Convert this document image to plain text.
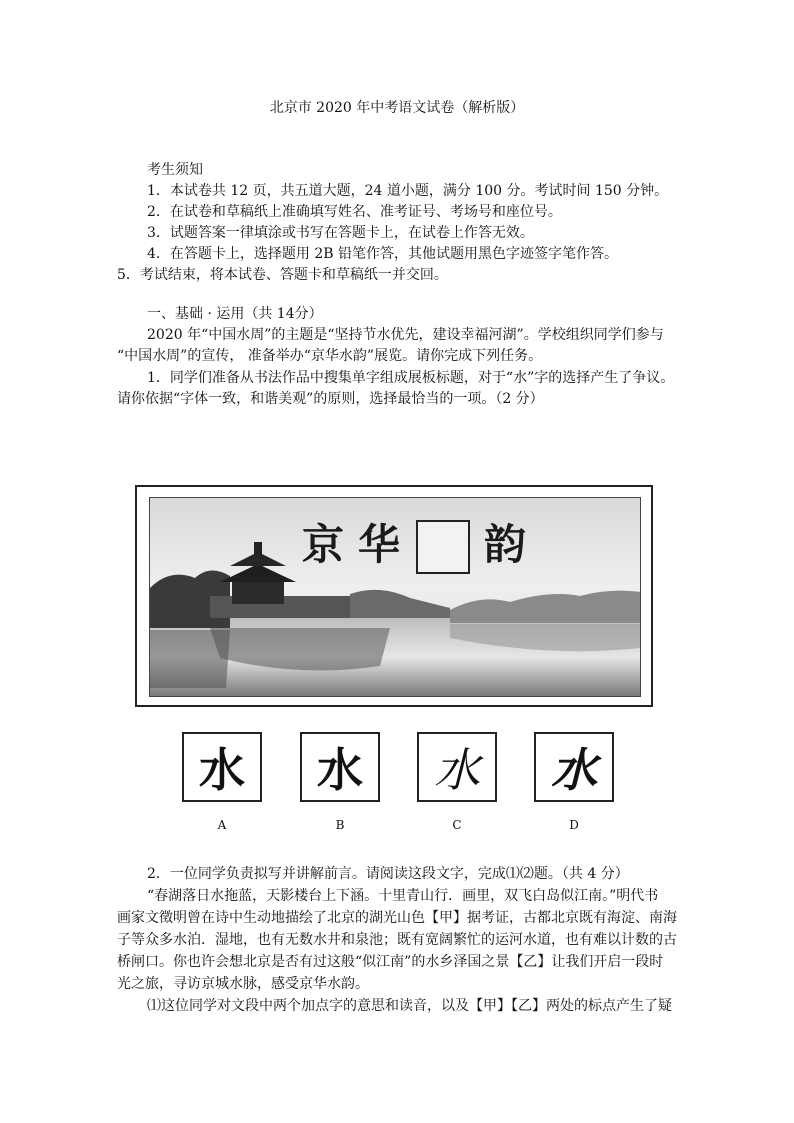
北京市 2020 年中考语文试卷（解析版）
考生须知
1．本试卷共 12 页，共五道大题，24 道小题，满分 100 分。考试时间 150 分钟。
2．在试卷和草稿纸上准确填写姓名、准考证号、考场号和座位号。
3．试题答案一律填涂或书写在答题卡上，在试卷上作答无效。
4．在答题卡上，选择题用 2B 铅笔作答，其他试题用黑色字迹签字笔作答。
5．考试结束，将本试卷、答题卡和草稿纸一并交回。
一、基础 · 运用（共 14分）
2020 年“中国水周”的主题是“坚持节水优先，建设幸福河湖”。学校组织同学们参与
“中国水周”的宣传， 准备举办“京华水韵”展览。请你完成下列任务。
1．同学们准备从书法作品中搜集单字组成展板标题，对于“水”字的选择产生了争议。
请你依据“字体一致，和谐美观”的原则，选择最恰当的一项。（2 分）
京 华 韵
水	水	水	水
A	B	C	D
2．一位同学负责拟写并讲解前言。请阅读这段文字，完成⑴⑵题。（共 4 分）
“春湖落日水拖蓝，天影楼台上下涵。十里青山行．画里，双飞白岛似江南。”明代书
画家文徵明曾在诗中生动地描绘了北京的湖光山色【甲】据考证，古都北京既有海淀、南海
子等众多水泊．湿地，也有无数水井和泉池；既有宽阔繁忙的运河水道，也有难以计数的古
桥闸口。你也许会想北京是否有过这般“似江南”的水乡泽国之景【乙】让我们开启一段时
光之旅，寻访京城水脉，感受京华水韵。
⑴这位同学对文段中两个加点字的意思和读音，以及【甲】【乙】两处的标点产生了疑
